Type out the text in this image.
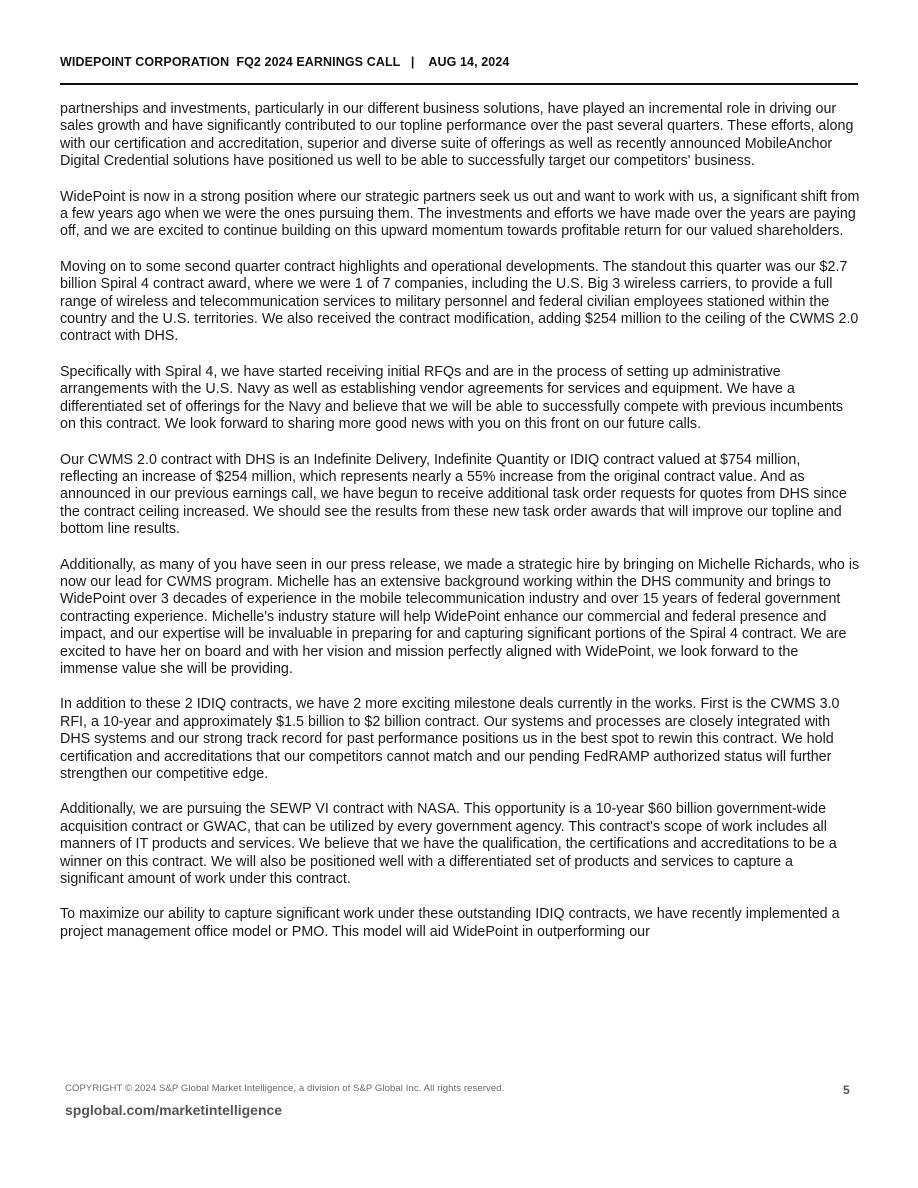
WIDEPOINT CORPORATION  FQ2 2024 EARNINGS CALL   |    AUG 14, 2024

partnerships and investments, particularly in our different business solutions, have played an incremental role in driving our sales growth and have significantly contributed to our topline performance over the past several quarters. These efforts, along with our certification and accreditation, superior and diverse suite of offerings as well as recently announced MobileAnchor Digital Credential solutions have positioned us well to be able to successfully target our competitors' business.

WidePoint is now in a strong position where our strategic partners seek us out and want to work with us, a significant shift from a few years ago when we were the ones pursuing them. The investments and efforts we have made over the years are paying off, and we are excited to continue building on this upward momentum towards profitable return for our valued shareholders.

Moving on to some second quarter contract highlights and operational developments. The standout this quarter was our $2.7 billion Spiral 4 contract award, where we were 1 of 7 companies, including the U.S. Big 3 wireless carriers, to provide a full range of wireless and telecommunication services to military personnel and federal civilian employees stationed within the country and the U.S. territories. We also received the contract modification, adding $254 million to the ceiling of the CWMS 2.0 contract with DHS.

Specifically with Spiral 4, we have started receiving initial RFQs and are in the process of setting up administrative arrangements with the U.S. Navy as well as establishing vendor agreements for services and equipment. We have a differentiated set of offerings for the Navy and believe that we will be able to successfully compete with previous incumbents on this contract. We look forward to sharing more good news with you on this front on our future calls.

Our CWMS 2.0 contract with DHS is an Indefinite Delivery, Indefinite Quantity or IDIQ contract valued at $754 million, reflecting an increase of $254 million, which represents nearly a 55% increase from the original contract value. And as announced in our previous earnings call, we have begun to receive additional task order requests for quotes from DHS since the contract ceiling increased. We should see the results from these new task order awards that will improve our topline and bottom line results.

Additionally, as many of you have seen in our press release, we made a strategic hire by bringing on Michelle Richards, who is now our lead for CWMS program. Michelle has an extensive background working within the DHS community and brings to WidePoint over 3 decades of experience in the mobile telecommunication industry and over 15 years of federal government contracting experience. Michelle's industry stature will help WidePoint enhance our commercial and federal presence and impact, and our expertise will be invaluable in preparing for and capturing significant portions of the Spiral 4 contract. We are excited to have her on board and with her vision and mission perfectly aligned with WidePoint, we look forward to the immense value she will be providing.

In addition to these 2 IDIQ contracts, we have 2 more exciting milestone deals currently in the works. First is the CWMS 3.0 RFI, a 10-year and approximately $1.5 billion to $2 billion contract. Our systems and processes are closely integrated with DHS systems and our strong track record for past performance positions us in the best spot to rewin this contract. We hold certification and accreditations that our competitors cannot match and our pending FedRAMP authorized status will further strengthen our competitive edge.

Additionally, we are pursuing the SEWP VI contract with NASA. This opportunity is a 10-year $60 billion government-wide acquisition contract or GWAC, that can be utilized by every government agency. This contract's scope of work includes all manners of IT products and services. We believe that we have the qualification, the certifications and accreditations to be a winner on this contract. We will also be positioned well with a differentiated set of products and services to capture a significant amount of work under this contract.

To maximize our ability to capture significant work under these outstanding IDIQ contracts, we have recently implemented a project management office model or PMO. This model will aid WidePoint in outperforming our

COPYRIGHT © 2024 S&P Global Market Intelligence, a division of S&P Global Inc. All rights reserved.	5
spglobal.com/marketintelligence
